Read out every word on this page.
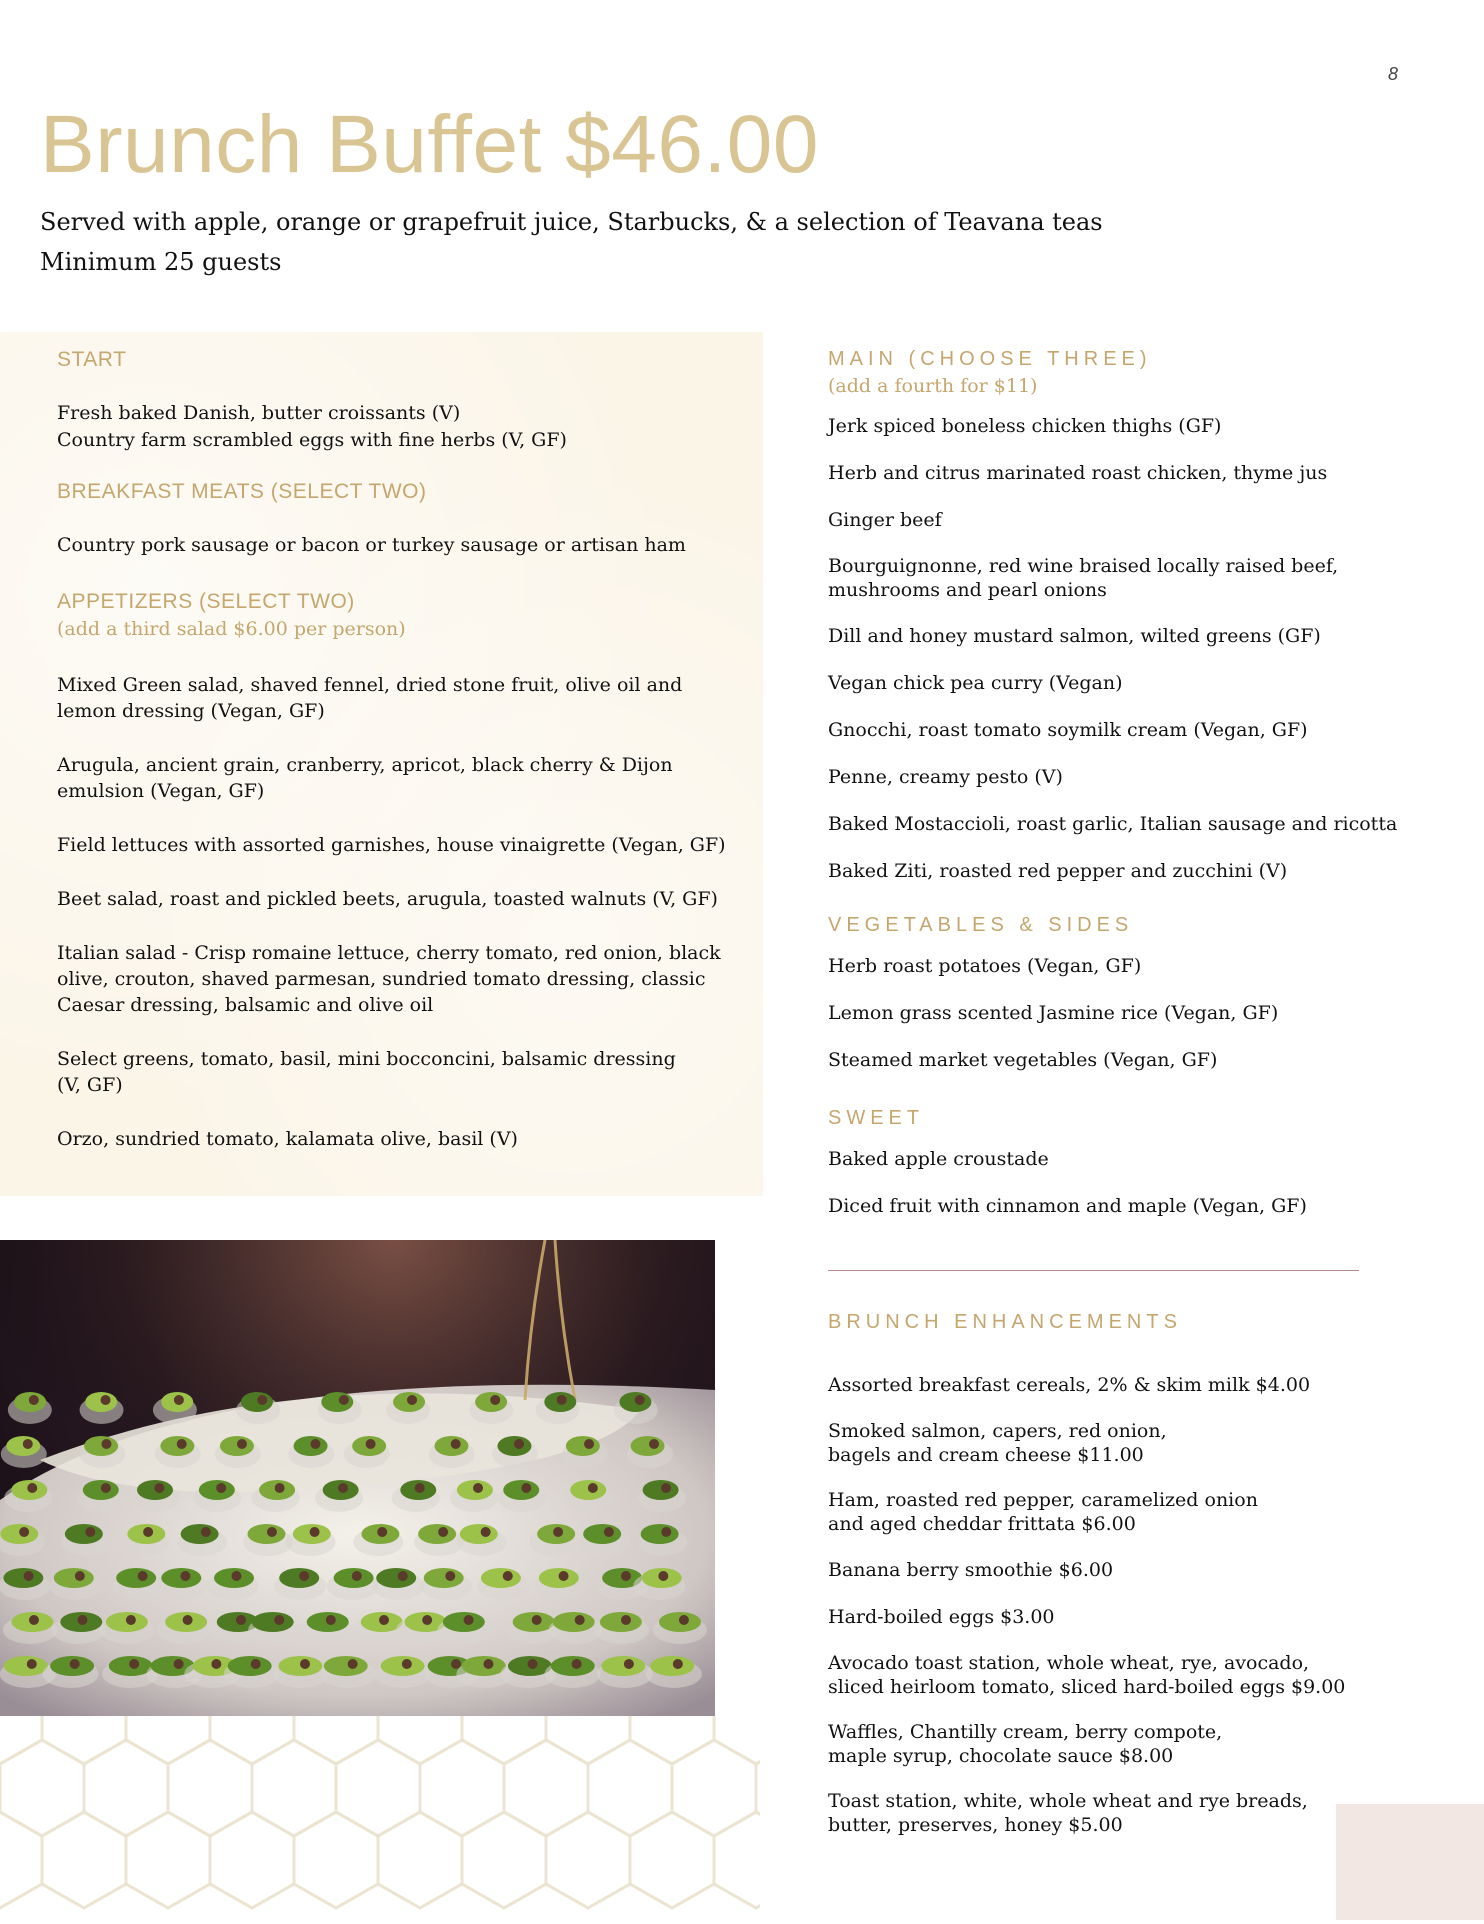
8
Brunch Buffet $46.00
Served with apple, orange or grapefruit juice, Starbucks, & a selection of Teavana teas
Minimum 25 guests
START
Fresh baked Danish, butter croissants (V)
Country farm scrambled eggs with fine herbs (V, GF)
BREAKFAST MEATS (SELECT TWO)
Country pork sausage or bacon or turkey sausage or artisan ham
APPETIZERS (SELECT TWO)
(add a third salad $6.00 per person)
Mixed Green salad, shaved fennel, dried stone fruit, olive oil and
lemon dressing (Vegan, GF)
Arugula, ancient grain, cranberry, apricot, black cherry & Dijon
emulsion (Vegan, GF)
Field lettuces with assorted garnishes, house vinaigrette (Vegan, GF)
Beet salad, roast and pickled beets, arugula, toasted walnuts (V, GF)
Italian salad - Crisp romaine lettuce, cherry tomato, red onion, black
olive, crouton, shaved parmesan, sundried tomato dressing, classic
Caesar dressing, balsamic and olive oil
Select greens, tomato, basil, mini bocconcini, balsamic dressing
(V, GF)
Orzo, sundried tomato, kalamata olive, basil (V)
MAIN (CHOOSE THREE)
(add a fourth for $11)
Jerk spiced boneless chicken thighs (GF)
Herb and citrus marinated roast chicken, thyme jus
Ginger beef
Bourguignonne, red wine braised locally raised beef,
mushrooms and pearl onions
Dill and honey mustard salmon, wilted greens (GF)
Vegan chick pea curry (Vegan)
Gnocchi, roast tomato soymilk cream (Vegan, GF)
Penne, creamy pesto (V)
Baked Mostaccioli, roast garlic, Italian sausage and ricotta
Baked Ziti, roasted red pepper and zucchini (V)
VEGETABLES & SIDES
Herb roast potatoes (Vegan, GF)
Lemon grass scented Jasmine rice (Vegan, GF)
Steamed market vegetables (Vegan, GF)
SWEET
Baked apple croustade
Diced fruit with cinnamon and maple (Vegan, GF)
BRUNCH ENHANCEMENTS
Assorted breakfast cereals, 2% & skim milk $4.00
Smoked salmon, capers, red onion,
bagels and cream cheese $11.00
Ham, roasted red pepper, caramelized onion
and aged cheddar frittata $6.00
Banana berry smoothie $6.00
Hard-boiled eggs $3.00
Avocado toast station, whole wheat, rye, avocado,
sliced heirloom tomato, sliced hard-boiled eggs $9.00
Waffles, Chantilly cream, berry compote,
maple syrup, chocolate sauce $8.00
Toast station, white, whole wheat and rye breads,
butter, preserves, honey $5.00
